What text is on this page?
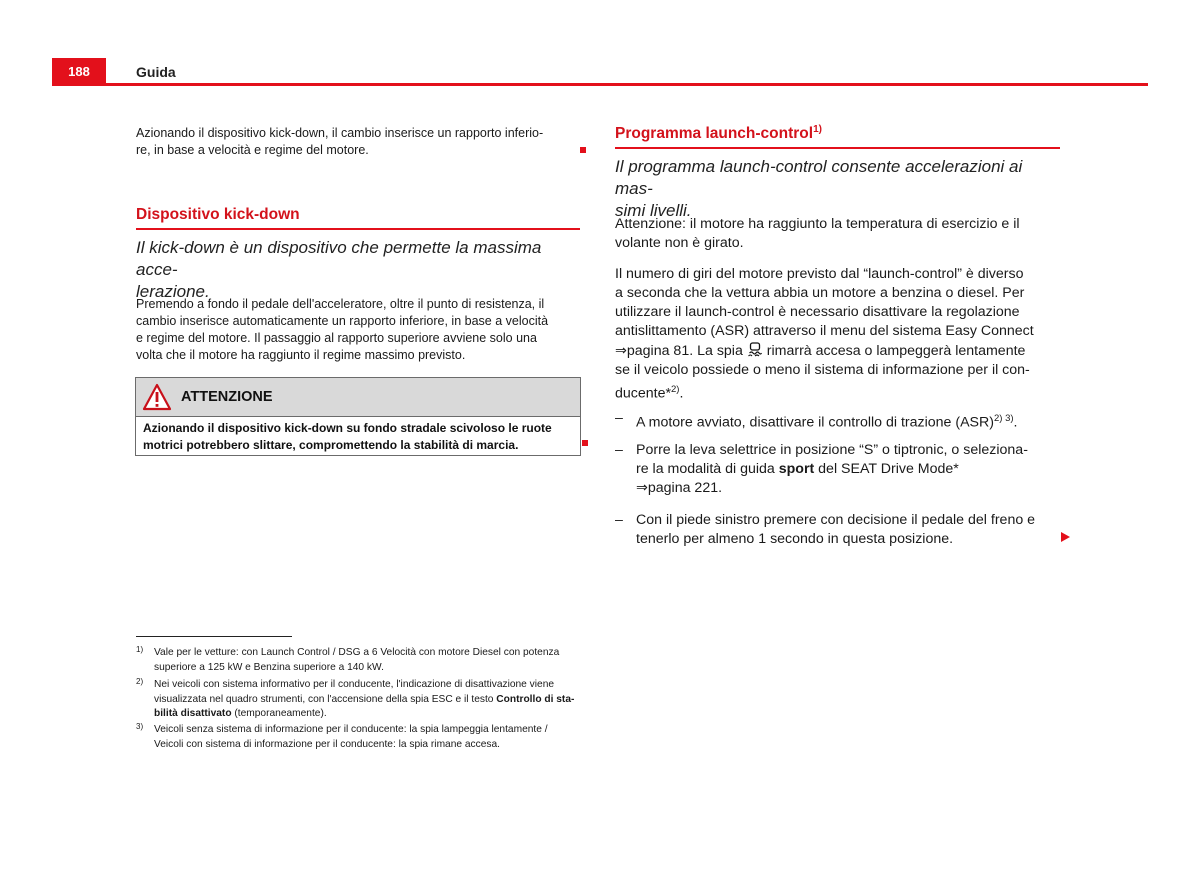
188	Guida

Azionando il dispositivo kick-down, il cambio inserisce un rapporto inferio-

re, in base a velocità e regime del motore.

Dispositivo kick-down

Il kick-down è un dispositivo che permette la massima acce-

lerazione.

Premendo a fondo il pedale dell'acceleratore, oltre il punto di resistenza, il

cambio inserisce automaticamente un rapporto inferiore, in base a velocità

e regime del motore. Il passaggio al rapporto superiore avviene solo una

volta che il motore ha raggiunto il regime massimo previsto.

ATTENZIONE
Azionando il dispositivo kick-down su fondo stradale scivoloso le ruote
motrici potrebbero slittare, compromettendo la stabilità di marcia.

Programma launch-control$^{1)}$

Il programma launch-control consente accelerazioni ai mas-

simi livelli.

Attenzione: il motore ha raggiunto la temperatura di esercizio e il

volante non è girato.

Il numero di giri del motore previsto dal “launch-control” è diverso

a seconda che la vettura abbia un motore a benzina o diesel. Per

utilizzare il launch-control è necessario disattivare la regolazione

antislittamento (ASR) attraverso il menu del sistema Easy Connect

⇒pagina 81. La spia rimarrà accesa o lampeggerà lentamente

se il veicolo possiede o meno il sistema di informazione per il con-

ducente*$^{2)}$.

– A motore avviato, disattivare il controllo di trazione (ASR)$^{2) 3)}$.
– Porre la leva selettrice in posizione “S” o tiptronic, o seleziona-
re la modalità di guida sport del SEAT Drive Mode*
⇒pagina 221.
– Con il piede sinistro premere con decisione il pedale del freno e
tenerlo per almeno 1 secondo in questa posizione.
1) Vale per le vetture: con Launch Control / DSG a 6 Velocità con motore Diesel con potenza
superiore a 125 kW e Benzina superiore a 140 kW.
2) Nei veicoli con sistema informativo per il conducente, l'indicazione di disattivazione viene
visualizzata nel quadro strumenti, con l'accensione della spia ESC e il testo Controllo di sta-
bilità disattivato (temporaneamente).
3) Veicoli senza sistema di informazione per il conducente: la spia lampeggia lentamente /
Veicoli con sistema di informazione per il conducente: la spia rimane accesa.
